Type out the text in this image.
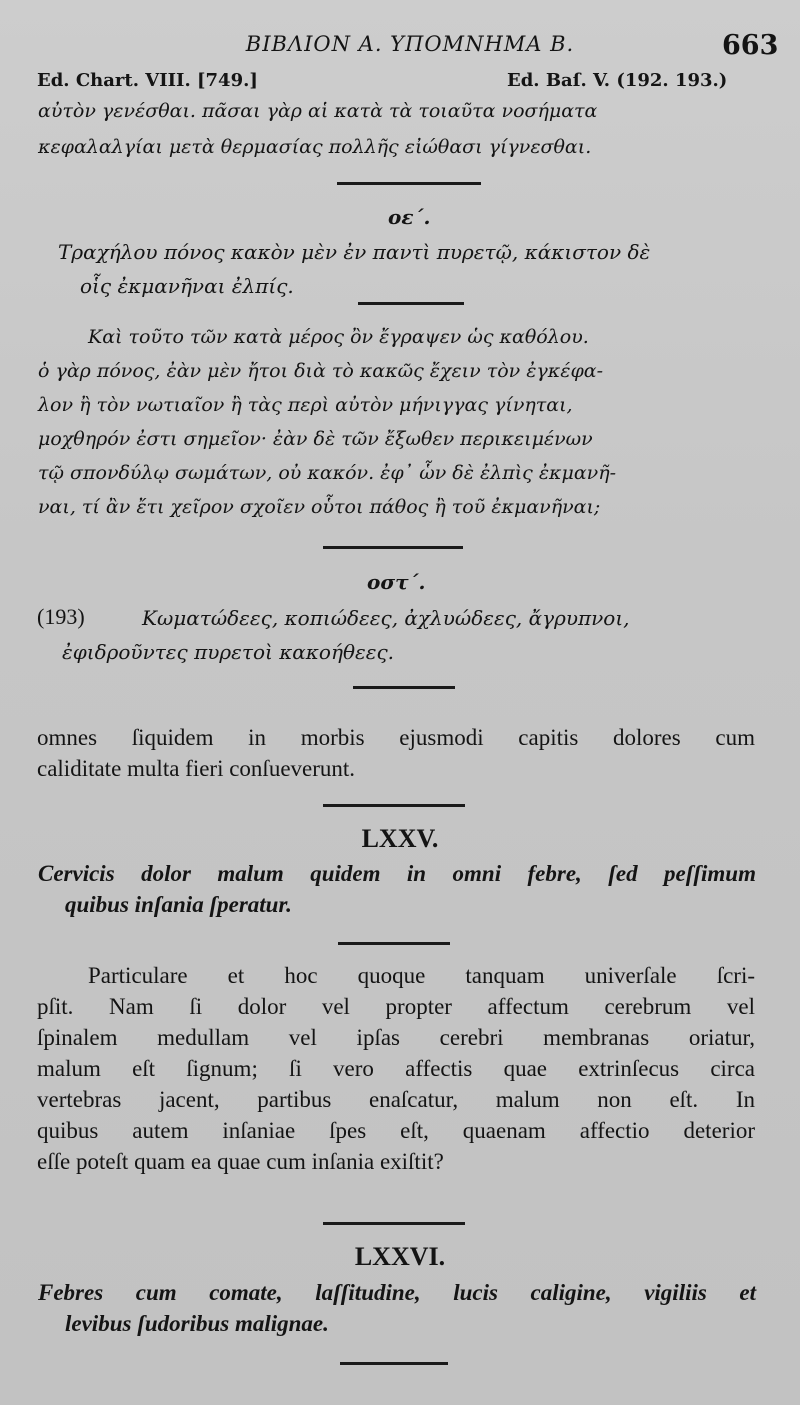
ΒΙΒΛΙΟΝ Α. ΥΠΟΜΝΗΜΑ Β.	663
Ed. Chart. VIII. [749.]	Ed. Baſ. V. (192. 193.)
αὐτὸν γενέσθαι. πᾶσαι γὰρ αἱ κατὰ τὰ τοιαῦτα νοσήματα
κεφαλαλγίαι μετὰ θερμασίας πολλῆς εἰώθασι γίγνεσθαι.
οε΄.
Τραχήλου πόνος κακὸν μὲν ἐν παντὶ πυρετῷ, κάκιστον δὲ
οἷς ἐκμανῆναι ἐλπίς.
Καὶ τοῦτο τῶν κατὰ μέρος ὂν ἔγραψεν ὡς καθόλου.
ὁ γὰρ πόνος, ἐὰν μὲν ἤτοι διὰ τὸ κακῶς ἔχειν τὸν ἐγκέφα-
λον ἢ τὸν νωτιαῖον ἢ τὰς περὶ αὐτὸν μήνιγγας γίνηται,
μοχθηρόν ἐστι σημεῖον· ἐὰν δὲ τῶν ἔξωθεν περικειμένων
τῷ σπονδύλῳ σωμάτων, οὐ κακόν. ἐφ᾽ ὧν δὲ ἐλπὶς ἐκμανῆ-
ναι, τί ἂν ἔτι χεῖρον σχοῖεν οὗτοι πάθος ἢ τοῦ ἐκμανῆναι;
οστ΄.
(193)	Κωματώδεες, κοπιώδεες, ἀχλυώδεες, ἄγρυπνοι,
ἐφιδροῦντες πυρετοὶ κακοήθεες.
omnes ſiquidem in morbis ejusmodi capitis dolores cum
caliditate multa fieri conſueverunt.
LXXV.
Cervicis dolor malum quidem in omni febre, ſed peſſimum
quibus inſania ſperatur.
Particulare et hoc quoque tanquam univerſale ſcri-
pſit. Nam ſi dolor vel propter affectum cerebrum vel
ſpinalem medullam vel ipſas cerebri membranas oriatur,
malum eſt ſignum; ſi vero affectis quae extrinſecus circa
vertebras jacent, partibus enaſcatur, malum non eſt. In
quibus autem inſaniae ſpes eſt, quaenam affectio deterior
eſſe poteſt quam ea quae cum inſania exiſtit?
LXXVI.
Febres cum comate, laſſitudine, lucis caligine, vigiliis et
levibus ſudoribus malignae.
